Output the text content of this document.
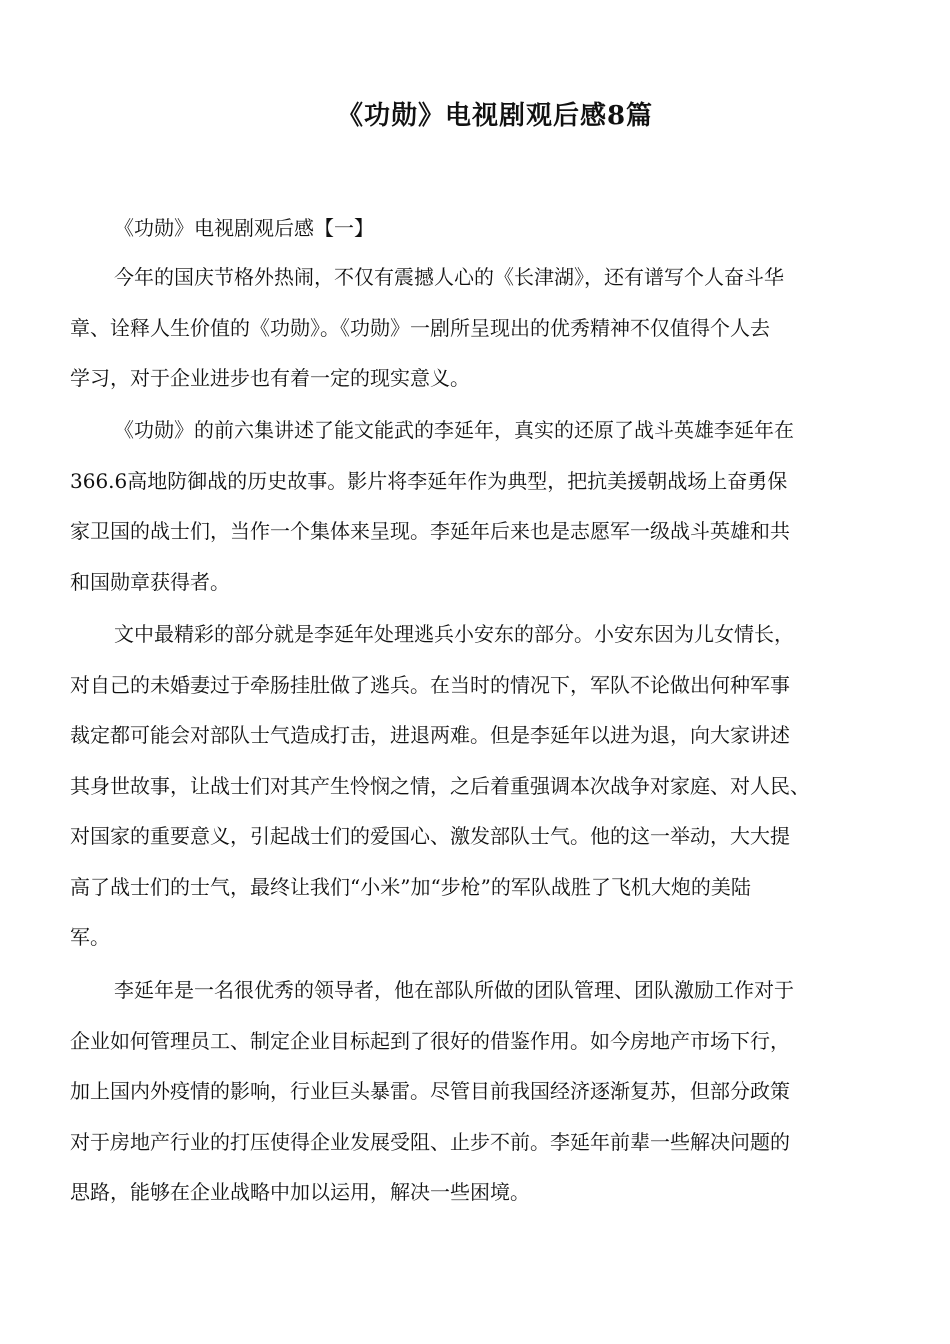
《功勋》电视剧观后感8篇
《功勋》电视剧观后感【一】
今年的国庆节格外热闹，不仅有震撼人心的《长津湖》，还有谱写个人奋斗华
章、诠释人生价值的《功勋》。《功勋》一剧所呈现出的优秀精神不仅值得个人去
学习，对于企业进步也有着一定的现实意义。
《功勋》的前六集讲述了能文能武的李延年，真实的还原了战斗英雄李延年在
366.6高地防御战的历史故事。影片将李延年作为典型，把抗美援朝战场上奋勇保
家卫国的战士们，当作一个集体来呈现。李延年后来也是志愿军一级战斗英雄和共
和国勋章获得者。
文中最精彩的部分就是李延年处理逃兵小安东的部分。小安东因为儿女情长，
对自己的未婚妻过于牵肠挂肚做了逃兵。在当时的情况下，军队不论做出何种军事
裁定都可能会对部队士气造成打击，进退两难。但是李延年以进为退，向大家讲述
其身世故事，让战士们对其产生怜悯之情，之后着重强调本次战争对家庭、对人民、
对国家的重要意义，引起战士们的爱国心、激发部队士气。他的这一举动，大大提
高了战士们的士气，最终让我们“小米”加“步枪”的军队战胜了飞机大炮的美陆
军。
李延年是一名很优秀的领导者，他在部队所做的团队管理、团队激励工作对于
企业如何管理员工、制定企业目标起到了很好的借鉴作用。如今房地产市场下行，
加上国内外疫情的影响，行业巨头暴雷。尽管目前我国经济逐渐复苏，但部分政策
对于房地产行业的打压使得企业发展受阻、止步不前。李延年前辈一些解决问题的
思路，能够在企业战略中加以运用，解决一些困境。
